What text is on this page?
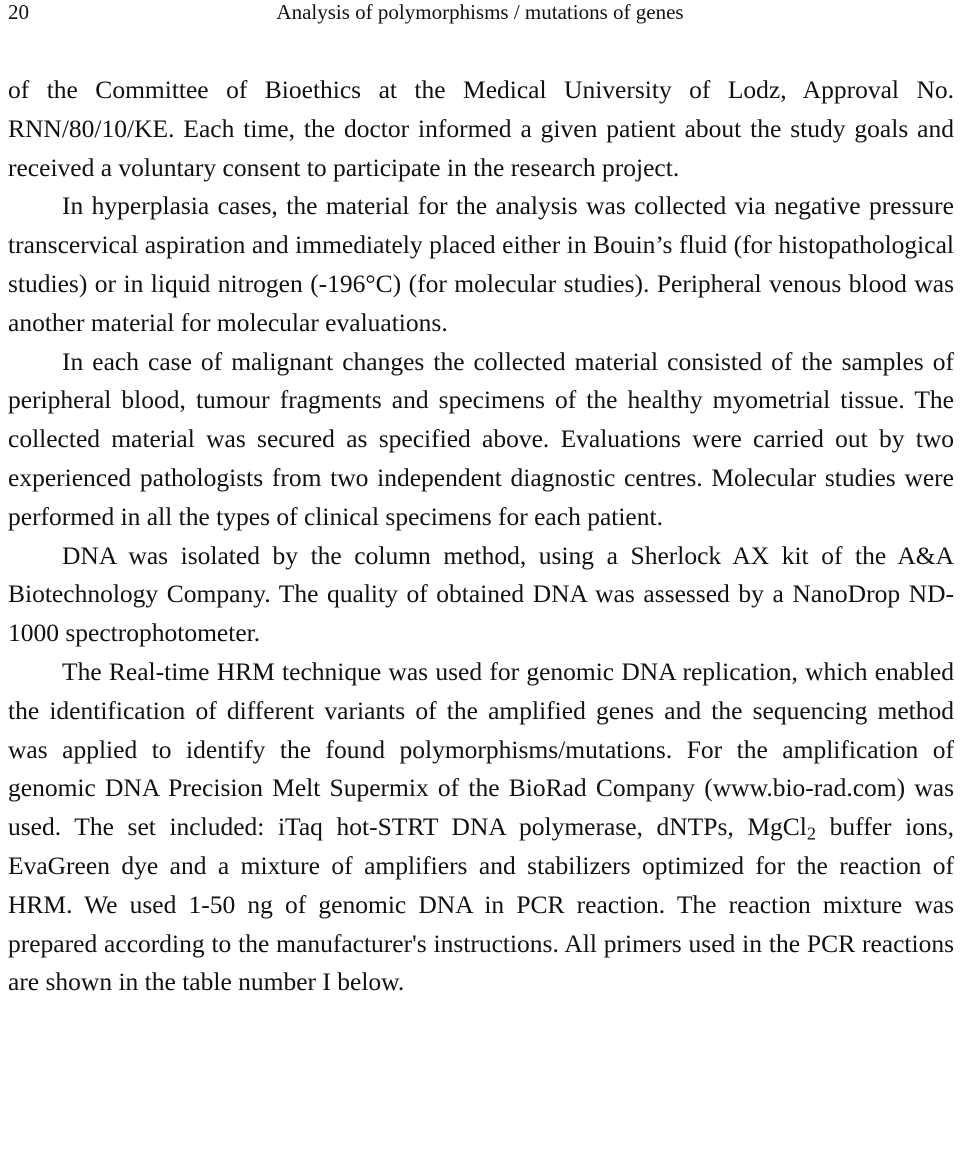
20	Analysis of polymorphisms / mutations of genes

of the Committee of Bioethics at the Medical University of Lodz, Approval No. RNN/80/10/KE. Each time, the doctor informed a given patient about the study goals and received a voluntary consent to participate in the research project.

In hyperplasia cases, the material for the analysis was collected via negative pressure transcervical aspiration and immediately placed either in Bouin’s fluid (for histopathological studies) or in liquid nitrogen (-196°C) (for molecular studies). Peripheral venous blood was another material for molecular evaluations.

In each case of malignant changes the collected material consisted of the samples of peripheral blood, tumour fragments and specimens of the healthy myometrial tissue. The collected material was secured as specified above. Evaluations were carried out by two experienced pathologists from two independent diagnostic centres. Molecular studies were performed in all the types of clinical specimens for each patient.

DNA was isolated by the column method, using a Sherlock AX kit of the A&A Biotechnology Company. The quality of obtained DNA was assessed by a NanoDrop ND-1000 spectrophotometer.

The Real-time HRM technique was used for genomic DNA replication, which enabled the identification of different variants of the amplified genes and the sequencing method was applied to identify the found polymorphisms/mutations. For the amplification of genomic DNA Precision Melt Supermix of the BioRad Company (www.bio-rad.com) was used. The set included: iTaq hot-STRT DNA polymerase, dNTPs, MgCl$_2$ buffer ions, EvaGreen dye and a mixture of amplifiers and stabilizers optimized for the reaction of HRM. We used 1-50 ng of genomic DNA in PCR reaction. The reaction mixture was prepared according to the manufacturer's instructions. All primers used in the PCR reactions are shown in the table number I below.
